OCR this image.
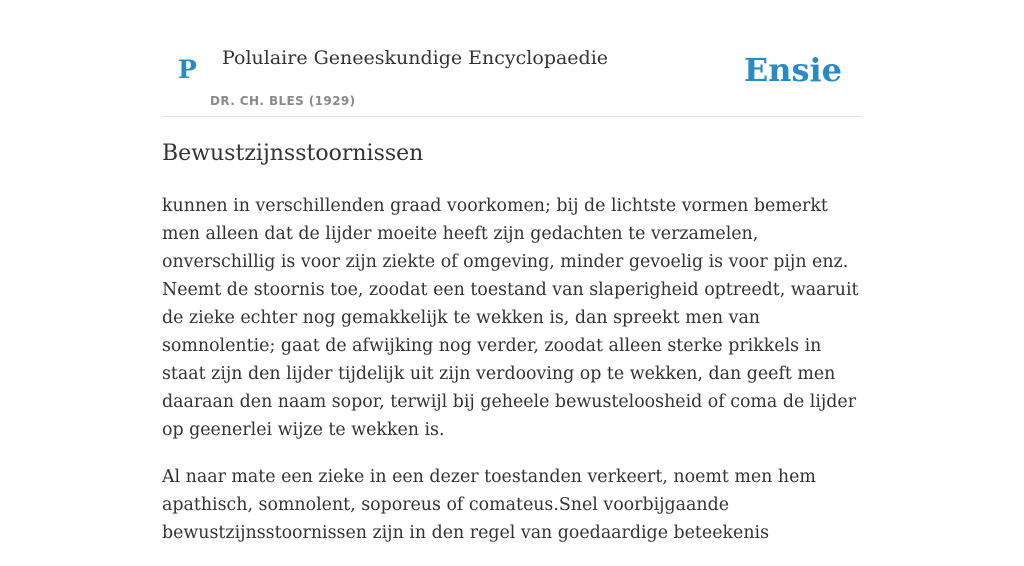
P Polulaire Geneeskundige Encyclopaedie
DR. CH. BLES (1929)
Ensie
Bewustzijnsstoornissen

kunnen in verschillenden graad voorkomen; bij de lichtste vormen bemerkt men alleen dat de lijder moeite heeft zijn gedachten te verzamelen, onverschillig is voor zijn ziekte of omgeving, minder gevoelig is voor pijn enz. Neemt de stoornis toe, zoodat een toestand van slaperigheid optreedt, waaruit de zieke echter nog gemakkelijk te wekken is, dan spreekt men van somnolentie; gaat de afwijking nog verder, zoodat alleen sterke prikkels in staat zijn den lijder tijdelijk uit zijn verdooving op te wekken, dan geeft men daaraan den naam sopor, terwijl bij geheele bewusteloosheid of coma de lijder op geenerlei wijze te wekken is.

Al naar mate een zieke in een dezer toestanden verkeert, noemt men hem apathisch, somnolent, soporeus of comateus.Snel voorbijgaande bewustzijnsstoornissen zijn in den regel van goedaardige beteekenis
